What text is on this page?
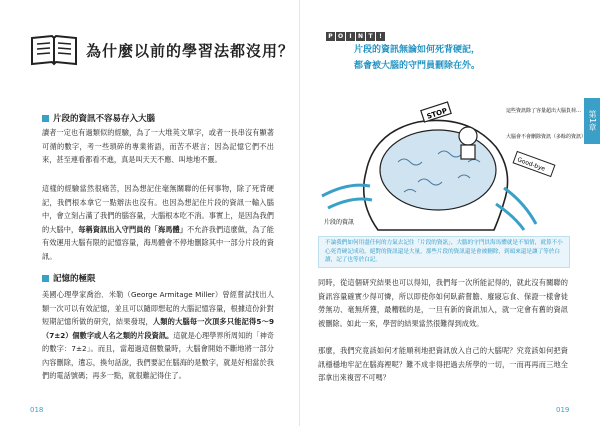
為什麼以前的學習法都沒用？
片段的資訊不容易存入大腦

讀者一定也有過類似的經驗，為了一大堆英文單字，或者一長串沒有顯著可循的數字，考一些瑣碎的專業術語，而苦不堪言；因為記憶它們不出來，甚至連看都看不進，真是叫天天不應、叫地地不靈。

這樣的經驗當然很痛苦，因為想記住毫無關聯的任何事物，除了死背硬記，我們根本拿它一點辦法也沒有。也因為想記住片段的資訊一輸入腦中，會立刻占滿了我們的腦容量，大腦根本吃不消。事實上，是因為我們的大腦中，每稱資訊出入守門員的「海馬體」不允許我們這麼做，為了能有效運用大腦有限的記憶容量，海馬體會不停地刪除其中一部分片段的資訊。

記憶的極限

美國心理學家喬治．米勒（George Armitage Miller）曾經嘗試找出人類一次可以有效記憶，並且可以隨即想起的大腦記憶容量，根據這份針對短期記憶所做的研究，結果發現，人類的大腦每一次頂多只能記得5～9（7±2）個數字或人名之類的片段資訊。這就是心理學界所周知的「神奇的數字：7±2」。而且，當超過這個數量時，大腦會開始不斷地將一部分內容刪除，遺忘，換句話說，我們要記在腦海的是數字，就是好相當於我們的電話號碼；再多一點，就很難記得住了。

018
P O	I	N T	!
片段的資訊無論如何死背硬記，
都會被大腦的守門員刪除在外。
第1章
STOP
片段的資訊
Good-bye
這些資訊除了容量超出大腦負荷…
大腦會不會刪除資訊（多餘的資訊）

不論我們如何用盡任何的力氣去記住「片段的資訊」，大腦的守門員海馬體就是不領情，就算不小心死背硬記成功，絕對的資訊還是大量，那些片段的資訊還是會被刪除，到頭來還是讓了等於白讀，記了也等於白記。

同時，從這個研究結果也可以得知，我們每一次所能記得的，就此沒有關聯的資訊容量確實少得可憐，所以即使你如何臥薪嘗膽、廢寢忘食、保證一樣會徒勞無功、毫無所獲，最糟糕的是，一旦有新的資訊加入，就一定會有舊的資訊被刪除。如此一來，學習的結果當然很難得到成效。

那麼，我們究竟該如何才能順利地把資訊放入自己的大腦呢？究竟該如何把資訊穩穩地牢記在腦海裡呢？難不成非得把過去所學的一切，一而再再而三地全部拿出來複習不可嗎？

019
